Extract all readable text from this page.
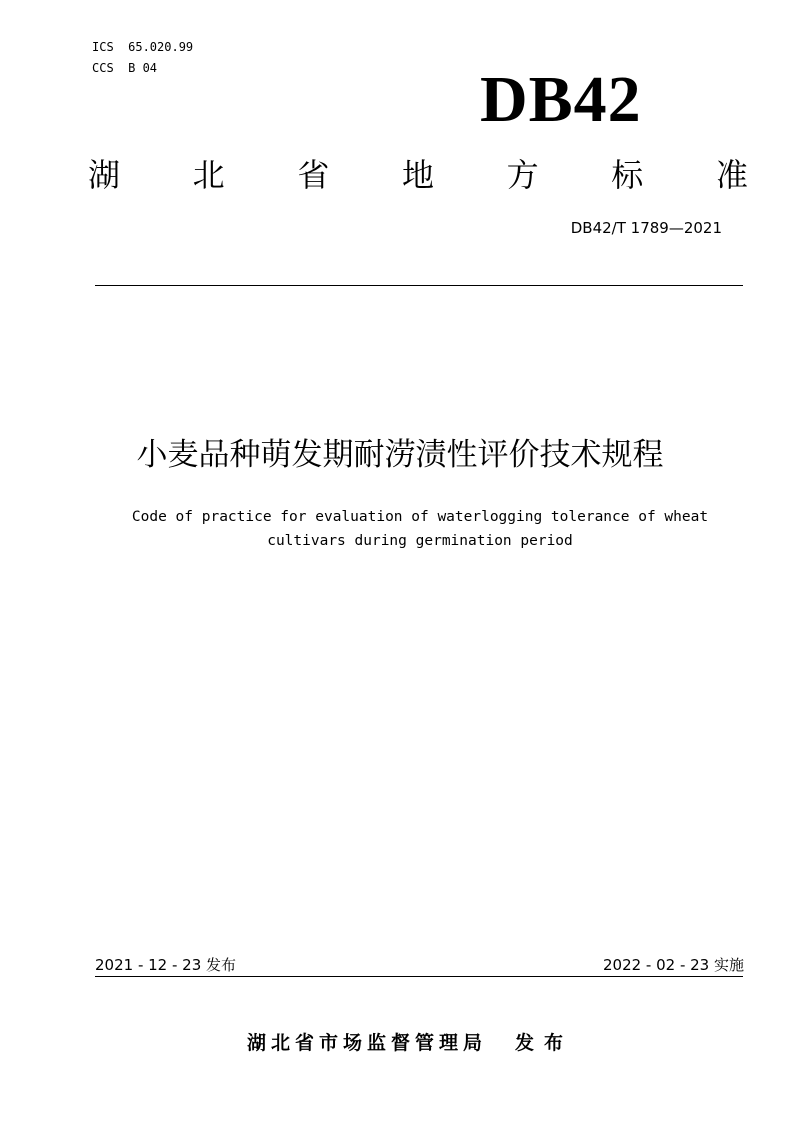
ICS  65.020.99
CCS  B 04	DB42
湖 北 省 地 方 标 准
DB42/T 1789—2021
小麦品种萌发期耐涝渍性评价技术规程
Code of practice for evaluation of waterlogging tolerance of wheat
cultivars during germination period
2021 - 12 - 23 发布	2022 - 02 - 23 实施
湖北省市场监督管理局 发布
